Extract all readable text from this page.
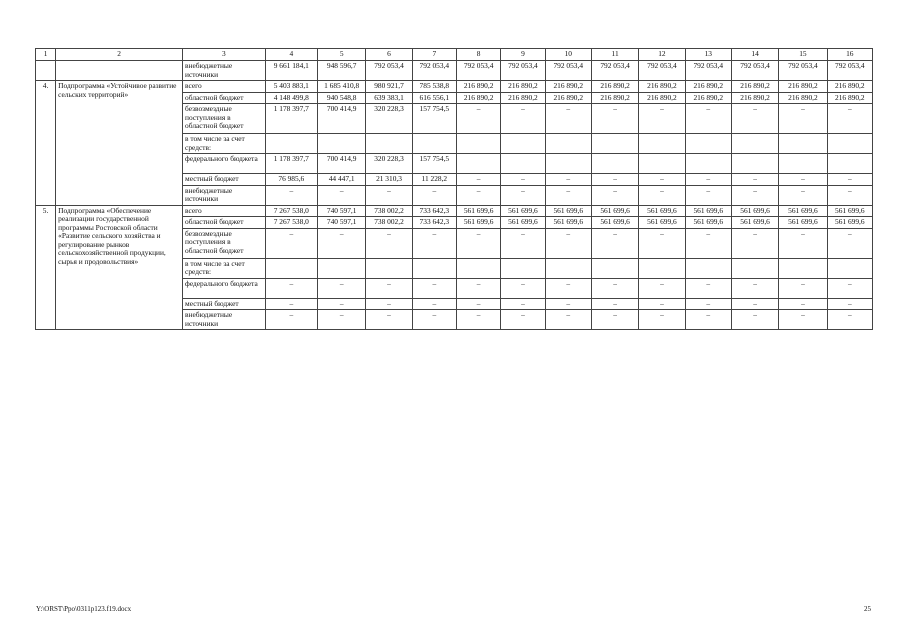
1	2	3	4	5	6	7	8	9	10	11	12	13	14	15	16
		внебюджетные источники	9 661 184,1	948 596,7	792 053,4	792 053,4	792 053,4	792 053,4	792 053,4	792 053,4	792 053,4	792 053,4	792 053,4	792 053,4	792 053,4
4.	Подпрограмма «Устойчивое развитие сельских территорий»	всего	5 403 883,1	1 685 410,8	980 921,7	785 538,8	216 890,2	216 890,2	216 890,2	216 890,2	216 890,2	216 890,2	216 890,2	216 890,2	216 890,2
		областной бюджет	4 148 499,8	940 548,8	639 383,1	616 556,1	216 890,2	216 890,2	216 890,2	216 890,2	216 890,2	216 890,2	216 890,2	216 890,2	216 890,2
		безвозмездные поступления в областной бюджет	1 178 397,7	700 414,9	320 228,3	157 754,5	–	–	–	–	–	–	–	–	–
		в том числе за счет средств:													
		федерального бюджета	1 178 397,7	700 414,9	320 228,3	157 754,5									
		местный бюджет	76 985,6	44 447,1	21 310,3	11 228,2	–	–	–	–	–	–	–	–	–
		внебюджетные источники	–	–	–	–	–	–	–	–	–	–	–	–	–
5.	Подпрограмма «Обеспечение реализации государственной программы Ростовской области «Развитие сельского хозяйства и регулирование рынков сельскохозяйственной продукции, сырья и продовольствия»	всего	7 267 538,0	740 597,1	738 002,2	733 642,3	561 699,6	561 699,6	561 699,6	561 699,6	561 699,6	561 699,6	561 699,6	561 699,6	561 699,6
		областной бюджет	7 267 538,0	740 597,1	738 002,2	733 642,3	561 699,6	561 699,6	561 699,6	561 699,6	561 699,6	561 699,6	561 699,6	561 699,6	561 699,6
		безвозмездные поступления в областной бюджет	–	–	–	–	–	–	–	–	–	–	–	–	–
		в том числе за счет средств:													
		федерального бюджета	–	–	–	–	–	–	–	–	–	–	–	–	–
		местный бюджет	–	–	–	–	–	–	–	–	–	–	–	–	–
		внебюджетные источники	–	–	–	–	–	–	–	–	–	–	–	–	–
Y:\ORST\Ppo\0311p123.f19.docx	25
